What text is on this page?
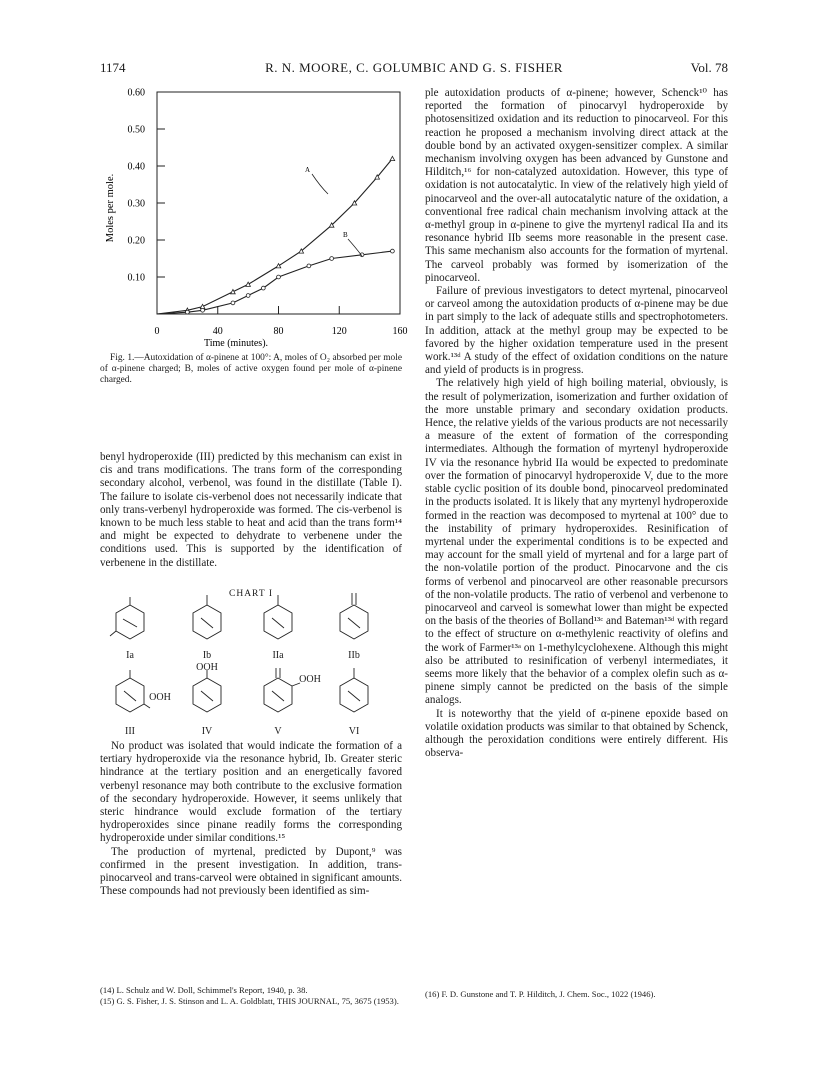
1174	R. N. MOORE, C. GOLUMBIC AND G. S. FISHER	Vol. 78
0.60
0.50
0.40
0.30
0.20
0.10
0	40	80	120	160
Moles per mole.
Time (minutes).
A
B
Fig. 1.—Autoxidation of α-pinene at 100°: A, moles of O₂ absorbed per mole of α-pinene charged; B, moles of active oxygen found per mole of α-pinene charged.

benyl hydroperoxide (III) predicted by this mechanism can exist in cis and trans modifications. The trans form of the corresponding secondary alcohol, verbenol, was found in the distillate (Table I). The failure to isolate cis-verbenol does not necessarily indicate that only trans-verbenyl hydroperoxide was formed. The cis-verbenol is known to be much less stable to heat and acid than the trans form¹⁴ and might be expected to dehydrate to verbenene under the conditions used. This is supported by the identification of verbenene in the distillate.

CHART I
Ia	Ib	IIa	IIb
OOH
OOH
OOH
III	IV	V	VI

No product was isolated that would indicate the formation of a tertiary hydroperoxide via the resonance hybrid, Ib. Greater steric hindrance at the tertiary position and an energetically favored verbenyl resonance may both contribute to the exclusive formation of the secondary hydroperoxide. However, it seems unlikely that steric hindrance would exclude formation of the tertiary hydroperoxides since pinane readily forms the corresponding hydroperoxide under similar conditions.¹⁵

The production of myrtenal, predicted by Dupont,⁹ was confirmed in the present investigation. In addition, trans-pinocarveol and trans-carveol were obtained in significant amounts. These compounds had not previously been identified as sim-

(14) L. Schulz and W. Doll, Schimmel's Report, 1940, p. 38.
(15) G. S. Fisher, J. S. Stinson and L. A. Goldblatt, THIS JOURNAL, 75, 3675 (1953).

ple autoxidation products of α-pinene; however, Schenck¹⁰ has reported the formation of pinocarvyl hydroperoxide by photosensitized oxidation and its reduction to pinocarveol. For this reaction he proposed a mechanism involving direct attack at the double bond by an activated oxygen-sensitizer complex. A similar mechanism involving oxygen has been advanced by Gunstone and Hilditch,¹⁶ for non-catalyzed autoxidation. However, this type of oxidation is not autocatalytic. In view of the relatively high yield of pinocarveol and the over-all autocatalytic nature of the oxidation, a conventional free radical chain mechanism involving attack at the α-methyl group in α-pinene to give the myrtenyl radical IIa and its resonance hybrid IIb seems more reasonable in the present case. This same mechanism also accounts for the formation of myrtenal. The carveol probably was formed by isomerization of the pinocarveol.

Failure of previous investigators to detect myrtenal, pinocarveol or carveol among the autoxidation products of α-pinene may be due in part simply to the lack of adequate stills and spectrophotometers. In addition, attack at the methyl group may be expected to be favored by the higher oxidation temperature used in the present work.¹³ᵈ A study of the effect of oxidation conditions on the nature and yield of products is in progress.

The relatively high yield of high boiling material, obviously, is the result of polymerization, isomerization and further oxidation of the more unstable primary and secondary oxidation products. Hence, the relative yields of the various products are not necessarily a measure of the extent of formation of the corresponding intermediates. Although the formation of myrtenyl hydroperoxide IV via the resonance hybrid IIa would be expected to predominate over the formation of pinocarvyl hydroperoxide V, due to the more stable cyclic position of its double bond, pinocarveol predominated in the products isolated. It is likely that any myrtenyl hydroperoxide formed in the reaction was decomposed to myrtenal at 100° due to the instability of primary hydroperoxides. Resinification of myrtenal under the experimental conditions is to be expected and may account for the small yield of myrtenal and for a large part of the non-volatile portion of the product. Pinocarvone and the cis forms of verbenol and pinocarveol are other reasonable precursors of the non-volatile products. The ratio of verbenol and verbenone to pinocarveol and carveol is somewhat lower than might be expected on the basis of the theories of Bolland¹³ᶜ and Bateman¹³ᵈ with regard to the effect of structure on α-methylenic reactivity of olefins and the work of Farmer¹³ᵃ on 1-methylcyclohexene. Although this might also be attributed to resinification of verbenyl intermediates, it seems more likely that the behavior of a complex olefin such as α-pinene simply cannot be predicted on the basis of the simple analogs.

It is noteworthy that the yield of α-pinene epoxide based on volatile oxidation products was similar to that obtained by Schenck, although the peroxidation conditions were entirely different. His observa-

(16) F. D. Gunstone and T. P. Hilditch, J. Chem. Soc., 1022 (1946).
